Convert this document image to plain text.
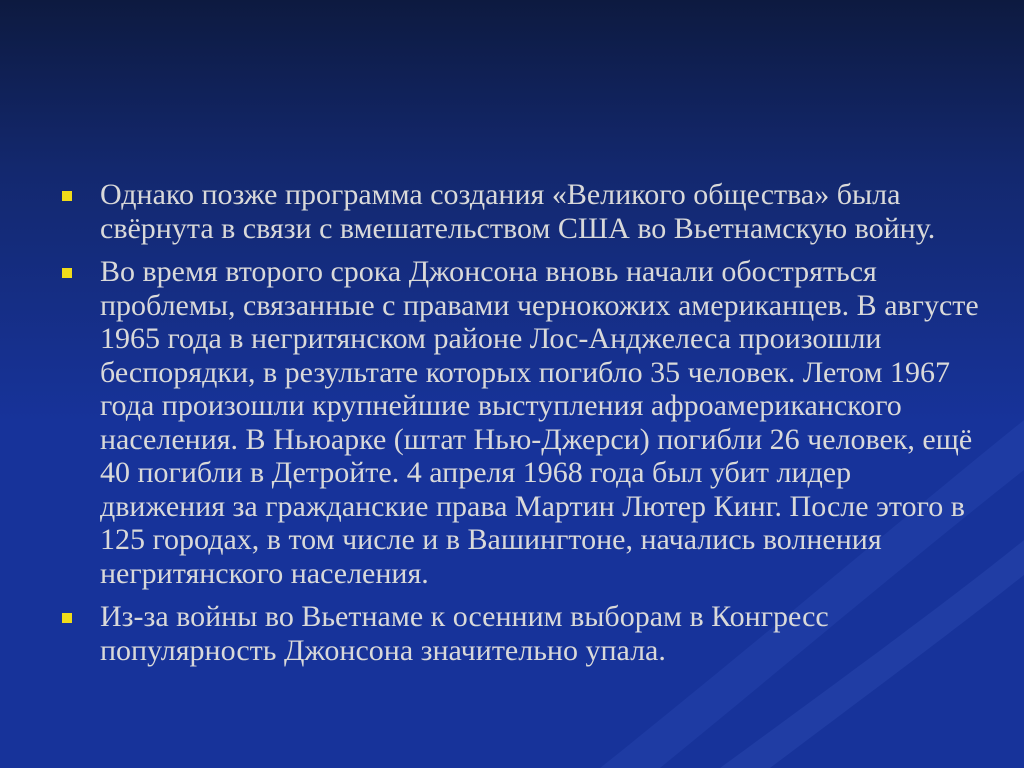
Однако позже программа создания «Великого общества» была свёрнута в связи с вмешательством США во Вьетнамскую войну.
Во время второго срока Джонсона вновь начали обостряться проблемы, связанные с правами чернокожих американцев. В августе 1965 года в негритянском районе Лос-Анджелеса произошли беспорядки, в результате которых погибло 35 человек. Летом 1967 года произошли крупнейшие выступления афроамериканского населения. В Ньюарке (штат Нью-Джерси) погибли 26 человек, ещё 40 погибли в Детройте. 4 апреля 1968 года был убит лидер движения за гражданские права Мартин Лютер Кинг. После этого в 125 городах, в том числе и в Вашингтоне, начались волнения негритянского населения.
Из-за войны во Вьетнаме к осенним выборам в Конгресс популярность Джонсона значительно упала.
